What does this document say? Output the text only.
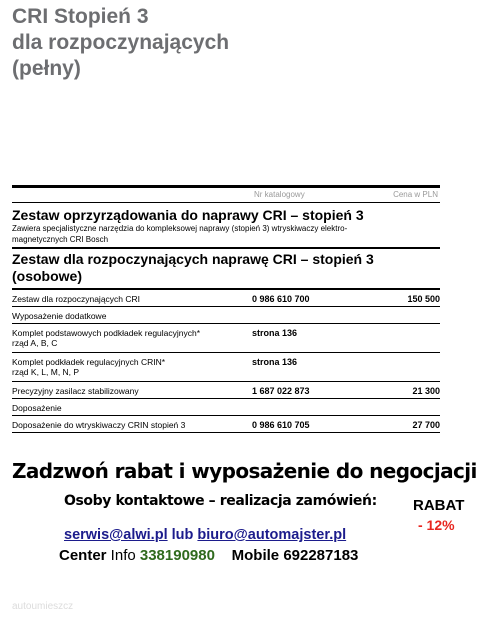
CRI Stopień 3
dla rozpoczynających
(pełny)
Nr katalogowy	Cena w PLN
Zestaw oprzyrządowania do naprawy CRI – stopień 3
Zawiera specjalistyczne narzędzia do kompleksowej naprawy (stopień 3) wtryskiwaczy elektro-
magnetycznych CRI Bosch
Zestaw dla rozpoczynających naprawę CRI – stopień 3
(osobowe)
Zestaw dla rozpoczynających CRI	0 986 610 700	150 500
Wyposażenie dodatkowe
Komplet podstawowych podkładek regulacyjnych*
rząd A, B, C
strona 136
Komplet podkładek regulacyjnych CRIN*
rząd K, L, M, N, P
strona 136
Precyzyjny zasilacz stabilizowany	1 687 022 873	21 300
Doposażenie
Doposażenie do wtryskiwaczy CRIN stopień 3	0 986 610 705	27 700
Zadzwoń rabat i wyposażenie do negocjacji
Osoby kontaktowe – realizacja zamówień: RABAT
- 12%
serwis@alwi.pl lub biuro@automajster.pl
Center Info 338190980 Mobile 692287183
autoumieszcz
